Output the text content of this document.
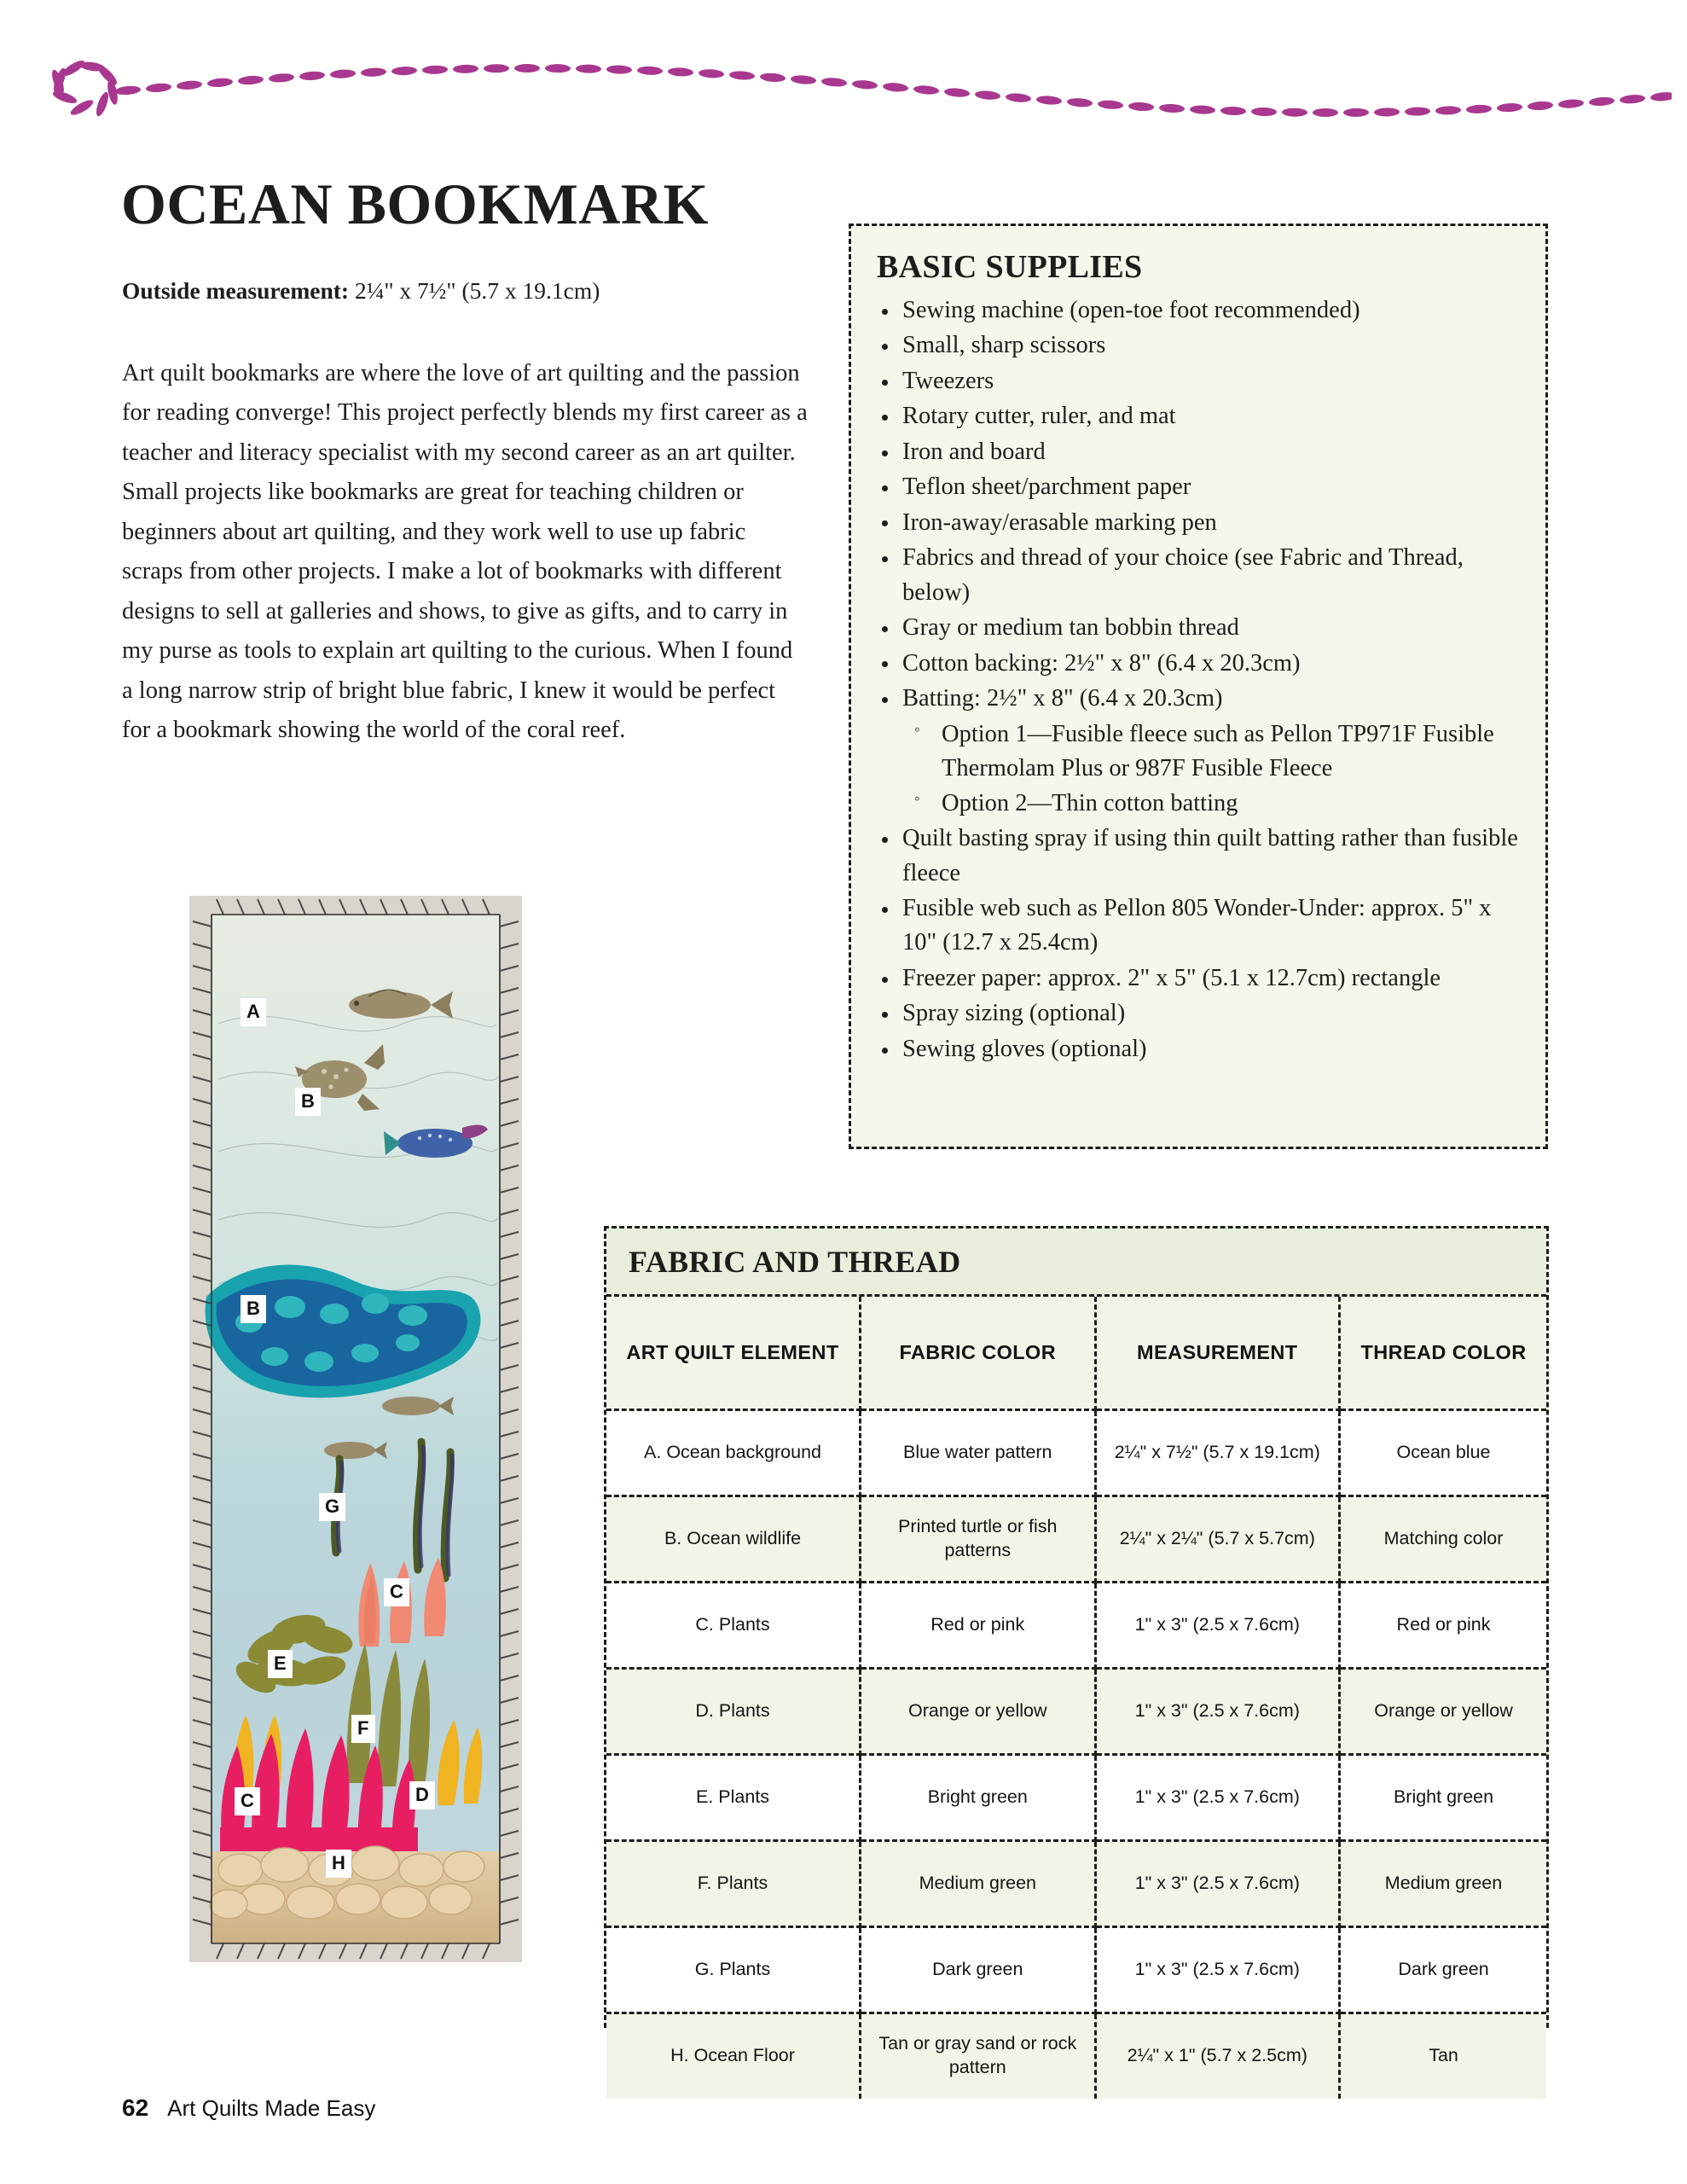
OCEAN BOOKMARK

Outside measurement: 2¼" x 7½" (5.7 x 19.1cm)

Art quilt bookmarks are where the love of art quilting and the passion for reading converge! This project perfectly blends my first career as a teacher and literacy specialist with my second career as an art quilter. Small projects like bookmarks are great for teaching children or beginners about art quilting, and they work well to use up fabric scraps from other projects. I make a lot of bookmarks with different designs to sell at galleries and shows, to give as gifts, and to carry in my purse as tools to explain art quilting to the curious. When I found a long narrow strip of bright blue fabric, I knew it would be perfect for a bookmark showing the world of the coral reef.

A
B
B
G
C
E
F
C	D
H
BASIC SUPPLIES
Sewing machine (open-toe foot recommended)
Small, sharp scissors
Tweezers
Rotary cutter, ruler, and mat
Iron and board
Teflon sheet/parchment paper
Iron-away/erasable marking pen
Fabrics and thread of your choice (see Fabric and Thread, below)
Gray or medium tan bobbin thread
Cotton backing: 2½" x 8" (6.4 x 20.3cm)
Batting: 2½" x 8" (6.4 x 20.3cm)
◦ Option 1—Fusible fleece such as Pellon TP971F Fusible Thermolam Plus or 987F Fusible Fleece
◦ Option 2—Thin cotton batting
Quilt basting spray if using thin quilt batting rather than fusible fleece
Fusible web such as Pellon 805 Wonder-Under: approx. 5" x 10" (12.7 x 25.4cm)
Freezer paper: approx. 2" x 5" (5.1 x 12.7cm) rectangle
Spray sizing (optional)
Sewing gloves (optional)
FABRIC AND THREAD
ART QUILT ELEMENT	FABRIC COLOR	MEASUREMENT	THREAD COLOR
A. Ocean background	Blue water pattern	2¼" x 7½" (5.7 x 19.1cm)	Ocean blue
B. Ocean wildlife	Printed turtle or fish patterns	2¼" x 2¼" (5.7 x 5.7cm)	Matching color
C. Plants	Red or pink	1" x 3" (2.5 x 7.6cm)	Red or pink
D. Plants	Orange or yellow	1" x 3" (2.5 x 7.6cm)	Orange or yellow
E. Plants	Bright green	1" x 3" (2.5 x 7.6cm)	Bright green
F. Plants	Medium green	1" x 3" (2.5 x 7.6cm)	Medium green
G. Plants	Dark green	1" x 3" (2.5 x 7.6cm)	Dark green
H. Ocean Floor	Tan or gray sand or rock pattern	2¼" x 1" (5.7 x 2.5cm)	Tan
62 Art Quilts Made Easy
